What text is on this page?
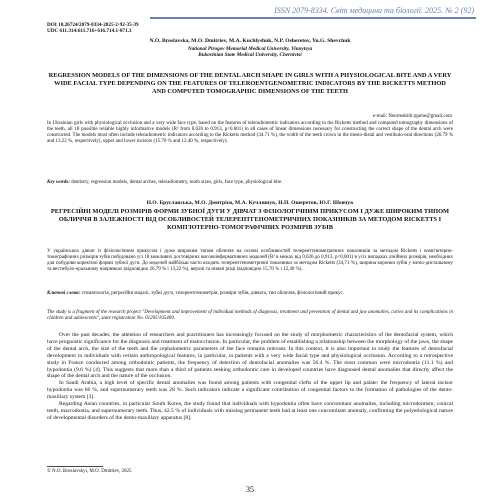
ISSN 2079-8334. Світ медицини та біології. 2025. № 2 (92)
DOI 10.26724/2079-8334-2025-2-92-35-39
UDC 611.314:611.716+616.714.1-071.3
N.O. Broslavska, M.O. Dmitriev, M.A. Kuchlyshuk, N.P. Osheretov, Yu.G. Shevchuk
National Pirogov Memorial Medical University, Vinnytsya
Bukovinian State Medical University, Chernivtsi
REGRESSION MODELS OF THE DIMENSIONS OF THE DENTAL ARCH SHAPE IN GIRLS WITH A PHYSIOLOGICAL BITE AND A VERY WIDE FACIAL TYPE DEPENDING ON THE FEATURES OF TELEROENTGENOMETRIC INDICATORS BY THE RICKETTS METHOD AND COMPUTED TOMOGRAPHIC DIMENSIONS OF THE TEETH
e-mail: Neurreabilit.rgame@gmail.com
In Ukrainian girls with physiological occlusion and a very wide face type, based on the features of teleradiometric indicators according to the Ricketts method and computed tomography dimensions of the teeth, all 18 possible reliable highly informative models (R² from 0.626 to 0.913, p<0.001) in all cases of linear dimensions necessary for constructing the correct shape of the dental arch were constructed. The models most often include teleradiometric indicators according to the Ricketts method (34.71 %), the width of the teeth crown in the mesio-distal and vestibulo-oral directions (26.79 % and 13.22 %, respectively), upper and lower incisors (15.70 % and 12.40 %, respectively).
Key words: dentistry, regression models, dental arches, teleradiometry, tooth sizes, girls, face type, physiological bite.
Н.О. Бруславська, М.О. Дмитрієв, М.А. Кучлишук, Н.П. Ошеретов, Ю.Г. Шевчук
РЕГРЕСІЙНІ МОДЕЛІ РОЗМІРІВ ФОРМИ ЗУБНОЇ ДУГИ У ДІВЧАТ З ФІЗІОЛОГІЧНИМ ПРИКУСОМ І ДУЖЕ ШИРОКИМ ТИПОМ ОБЛИЧЧЯ В ЗАЛЕЖНОСТІ ВІД ОСОБЛИВОСТЕЙ ТЕЛЕРЕНТГЕНОМЕТРИЧНИХ ПОКАЗНИКІВ ЗА МЕТОДОМ RICKETTS І КОМП'ЮТЕРНО-ТОМОГРАФІЧНИХ РОЗМІРІВ ЗУБІВ
У українських дівчат із фізіологічним прикусом і дуже широким типом обличчя на основі особливостей телерентгенометричних показників за методом Ricketts і комп'ютерно-томографічних розмірів зубів побудовано усі 18 можливих достовірних високоінформативних моделей (R² в межах від 0,626 до 0,913, р<0,001) в усіх випадках лінійних розмірів, необхідних для побудови коректної форми зубної дуги. До моделей найбільш часто входять телерентгенометричні показники за методом Ricketts (34,71 %), ширина коронки зубів у мезіо-дистальному та вестибуло-оральному напрямках (відповідно 26,79 % і 13,22 %), верхні та нижні різці (відповідно 15,70 % і 12,40 %).
Ключові слова: стоматологія, регресійні моделі, зубні дуги, телерентгенометрія, розміри зубів, дівчата, тип обличчя, фізіологічний прикус.
The study is a fragment of the research project "Development and improvement of individual methods of diagnosis, treatment and prevention of dental and jaw anomalies, caries and its complications in children and adolescents", state registration No. 0120U105409.

Over the past decades, the attention of researchers and practitioners has increasingly focused on the study of morphometric characteristics of the dentofacial system, which have prognostic significance for the diagnosis and treatment of malocclusion. In particular, the problem of establishing a relationship between the morphology of the jaws, the shape of the dental arch, the size of the teeth and the cephalometric parameters of the face remains relevant. In this context, it is also important to study the features of dentofacial development in individuals with certain anthropological features, in particular, in patients with a very wide facial type and physiological occlusion. According to a retrospective study in France conducted among orthodontic patients, the frequency of detection of dentofacial anomalies was 56.4 %. The most common were microdontia (11.1 %) and hypodontia (9.6 %) [4]. This suggests that more than a third of patients seeking orthodontic care in developed countries have diagnosed dental anomalies that directly affect the shape of the dental arch and the nature of the occlusion.

In Saudi Arabia, a high level of specific dental anomalies was found among patients with congenital clefts of the upper lip and palate: the frequency of lateral incisor hypodontia was 66 %, and supernumerary teeth was 28 %. Such indicators indicate a significant contribution of congenital factors to the formation of pathologies of the dento-maxillary system [3].

Regarding Asian countries, in particular South Korea, the study found that individuals with hypodontia often have concomitant anomalies, including microdontism, conical teeth, macrodontia, and supernumerary teeth. Thus, 42.5 % of individuals with missing permanent teeth had at least one concomitant anomaly, confirming the polyetiological nature of developmental disorders of the dento-maxillary apparatus [8].

© N.O. Broslavskyi, M.O. Dmitriev, 2025
35
